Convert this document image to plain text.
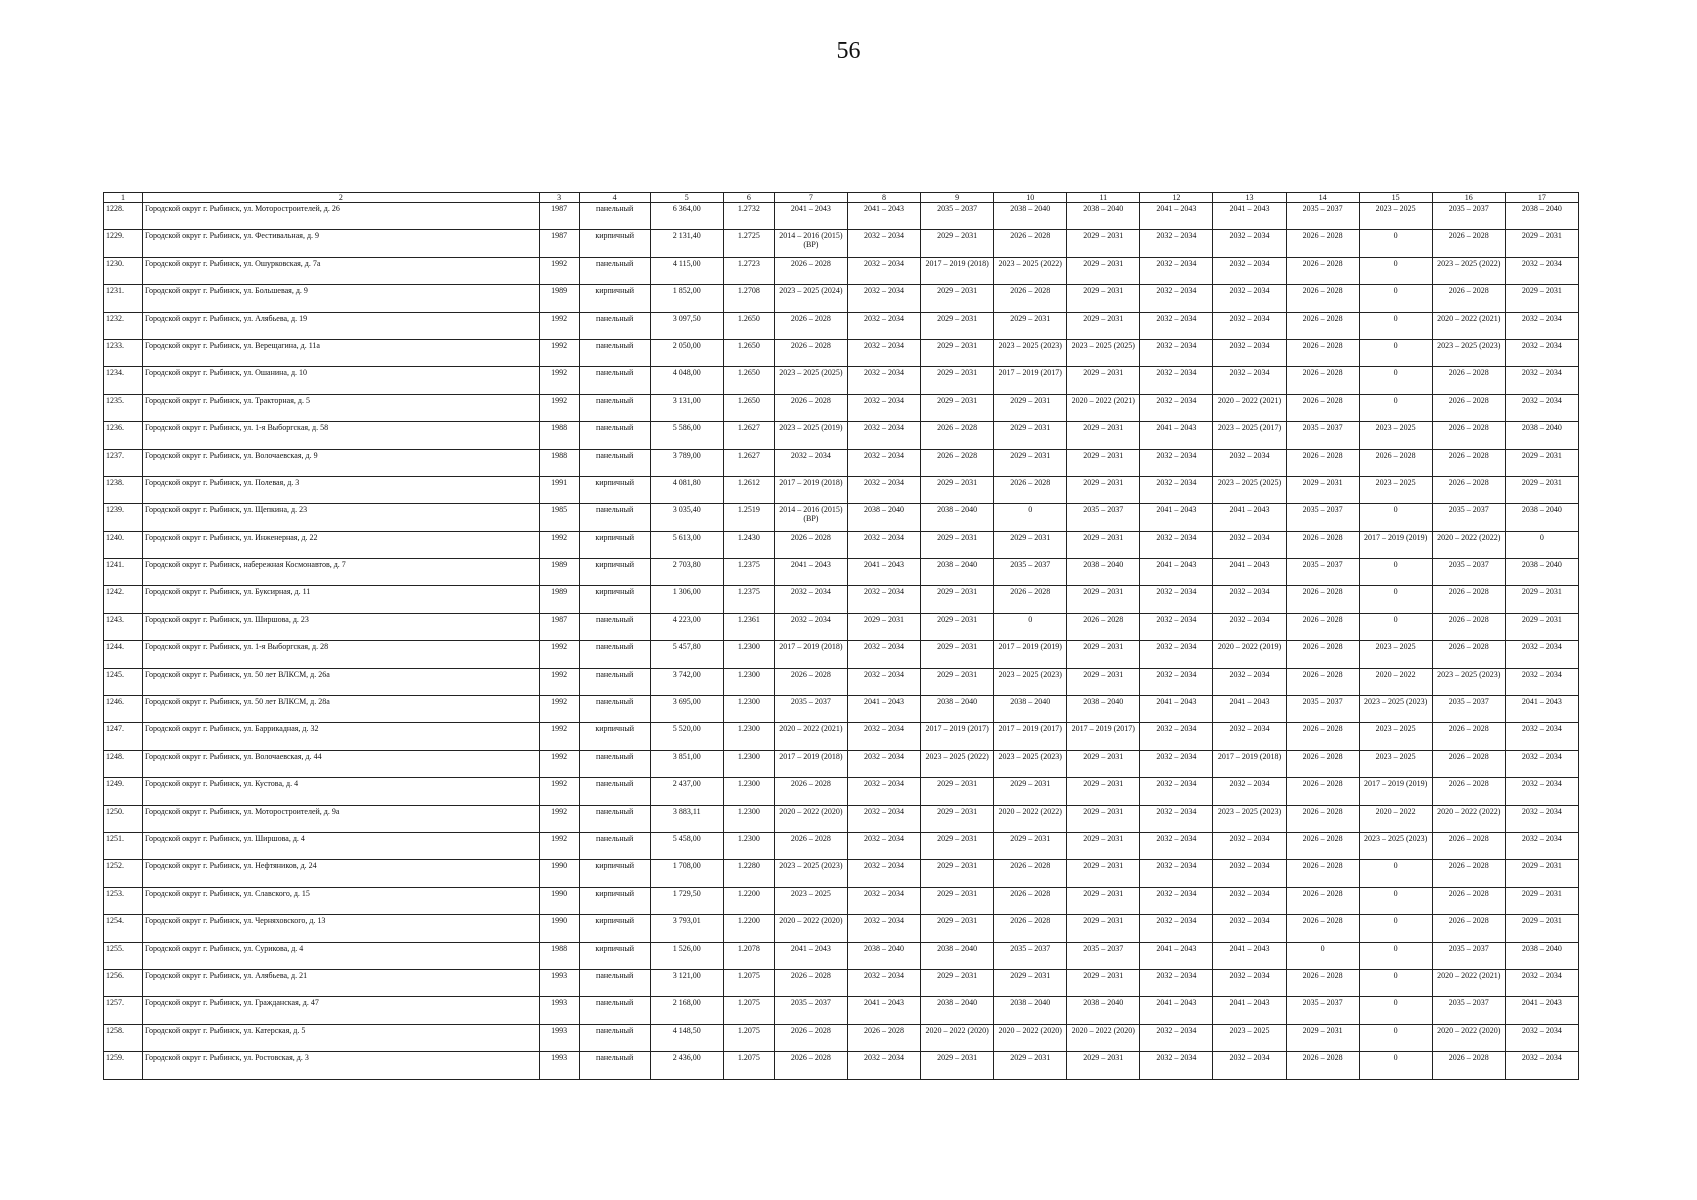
56
1	2	3	4	5	6	7	8	9	10	11	12	13	14	15	16	17
1228.	Городской округ г. Рыбинск, ул. Моторостроителей, д. 26	1987	панельный	6 364,00	1.2732	2041 – 2043	2041 – 2043	2035 – 2037	2038 – 2040	2038 – 2040	2041 – 2043	2041 – 2043	2035 – 2037	2023 – 2025	2035 – 2037	2038 – 2040
1229.	Городской округ г. Рыбинск, ул. Фестивальная, д. 9	1987	кирпичный	2 131,40	1.2725	2014 – 2016 (2015) (ВР)	2032 – 2034	2029 – 2031	2026 – 2028	2029 – 2031	2032 – 2034	2032 – 2034	2026 – 2028	0	2026 – 2028	2029 – 2031
1230.	Городской округ г. Рыбинск, ул. Ошурковская, д. 7а	1992	панельный	4 115,00	1.2723	2026 – 2028	2032 – 2034	2017 – 2019 (2018)	2023 – 2025 (2022)	2029 – 2031	2032 – 2034	2032 – 2034	2026 – 2028	0	2023 – 2025 (2022)	2032 – 2034
1231.	Городской округ г. Рыбинск, ул. Большевая, д. 9	1989	кирпичный	1 852,00	1.2708	2023 – 2025 (2024)	2032 – 2034	2029 – 2031	2026 – 2028	2029 – 2031	2032 – 2034	2032 – 2034	2026 – 2028	0	2026 – 2028	2029 – 2031
1232.	Городской округ г. Рыбинск, ул. Алябьева, д. 19	1992	панельный	3 097,50	1.2650	2026 – 2028	2032 – 2034	2029 – 2031	2029 – 2031	2029 – 2031	2032 – 2034	2032 – 2034	2026 – 2028	0	2020 – 2022 (2021)	2032 – 2034
1233.	Городской округ г. Рыбинск, ул. Верещагина, д. 11а	1992	панельный	2 050,00	1.2650	2026 – 2028	2032 – 2034	2029 – 2031	2023 – 2025 (2023)	2023 – 2025 (2025)	2032 – 2034	2032 – 2034	2026 – 2028	0	2023 – 2025 (2023)	2032 – 2034
1234.	Городской округ г. Рыбинск, ул. Ошанина, д. 10	1992	панельный	4 048,00	1.2650	2023 – 2025 (2025)	2032 – 2034	2029 – 2031	2017 – 2019 (2017)	2029 – 2031	2032 – 2034	2032 – 2034	2026 – 2028	0	2026 – 2028	2032 – 2034
1235.	Городской округ г. Рыбинск, ул. Тракторная, д. 5	1992	панельный	3 131,00	1.2650	2026 – 2028	2032 – 2034	2029 – 2031	2029 – 2031	2020 – 2022 (2021)	2032 – 2034	2020 – 2022 (2021)	2026 – 2028	0	2026 – 2028	2032 – 2034
1236.	Городской округ г. Рыбинск, ул. 1-я Выборгская, д. 58	1988	панельный	5 586,00	1.2627	2023 – 2025 (2019)	2032 – 2034	2026 – 2028	2029 – 2031	2029 – 2031	2041 – 2043	2023 – 2025 (2017)	2035 – 2037	2023 – 2025	2026 – 2028	2038 – 2040
1237.	Городской округ г. Рыбинск, ул. Волочаевская, д. 9	1988	панельный	3 789,00	1.2627	2032 – 2034	2032 – 2034	2026 – 2028	2029 – 2031	2029 – 2031	2032 – 2034	2032 – 2034	2026 – 2028	2026 – 2028	2026 – 2028	2029 – 2031
1238.	Городской округ г. Рыбинск, ул. Полевая, д. 3	1991	кирпичный	4 081,80	1.2612	2017 – 2019 (2018)	2032 – 2034	2029 – 2031	2026 – 2028	2029 – 2031	2032 – 2034	2023 – 2025 (2025)	2029 – 2031	2023 – 2025	2026 – 2028	2029 – 2031
1239.	Городской округ г. Рыбинск, ул. Щепкина, д. 23	1985	панельный	3 035,40	1.2519	2014 – 2016 (2015) (ВР)	2038 – 2040	2038 – 2040	0	2035 – 2037	2041 – 2043	2041 – 2043	2035 – 2037	0	2035 – 2037	2038 – 2040
1240.	Городской округ г. Рыбинск, ул. Инженерная, д. 22	1992	кирпичный	5 613,00	1.2430	2026 – 2028	2032 – 2034	2029 – 2031	2029 – 2031	2029 – 2031	2032 – 2034	2032 – 2034	2026 – 2028	2017 – 2019 (2019)	2020 – 2022 (2022)	0
1241.	Городской округ г. Рыбинск, набережная Космонавтов, д. 7	1989	кирпичный	2 703,80	1.2375	2041 – 2043	2041 – 2043	2038 – 2040	2035 – 2037	2038 – 2040	2041 – 2043	2041 – 2043	2035 – 2037	0	2035 – 2037	2038 – 2040
1242.	Городской округ г. Рыбинск, ул. Буксирная, д. 11	1989	кирпичный	1 306,00	1.2375	2032 – 2034	2032 – 2034	2029 – 2031	2026 – 2028	2029 – 2031	2032 – 2034	2032 – 2034	2026 – 2028	0	2026 – 2028	2029 – 2031
1243.	Городской округ г. Рыбинск, ул. Ширшова, д. 23	1987	панельный	4 223,00	1.2361	2032 – 2034	2029 – 2031	2029 – 2031	0	2026 – 2028	2032 – 2034	2032 – 2034	2026 – 2028	0	2026 – 2028	2029 – 2031
1244.	Городской округ г. Рыбинск, ул. 1-я Выборгская, д. 28	1992	панельный	5 457,80	1.2300	2017 – 2019 (2018)	2032 – 2034	2029 – 2031	2017 – 2019 (2019)	2029 – 2031	2032 – 2034	2020 – 2022 (2019)	2026 – 2028	2023 – 2025	2026 – 2028	2032 – 2034
1245.	Городской округ г. Рыбинск, ул. 50 лет ВЛКСМ, д. 26а	1992	панельный	3 742,00	1.2300	2026 – 2028	2032 – 2034	2029 – 2031	2023 – 2025 (2023)	2029 – 2031	2032 – 2034	2032 – 2034	2026 – 2028	2020 – 2022	2023 – 2025 (2023)	2032 – 2034
1246.	Городской округ г. Рыбинск, ул. 50 лет ВЛКСМ, д. 28а	1992	панельный	3 695,00	1.2300	2035 – 2037	2041 – 2043	2038 – 2040	2038 – 2040	2038 – 2040	2041 – 2043	2041 – 2043	2035 – 2037	2023 – 2025 (2023)	2035 – 2037	2041 – 2043
1247.	Городской округ г. Рыбинск, ул. Баррикадная, д. 32	1992	кирпичный	5 520,00	1.2300	2020 – 2022 (2021)	2032 – 2034	2017 – 2019 (2017)	2017 – 2019 (2017)	2017 – 2019 (2017)	2032 – 2034	2032 – 2034	2026 – 2028	2023 – 2025	2026 – 2028	2032 – 2034
1248.	Городской округ г. Рыбинск, ул. Волочаевская, д. 44	1992	панельный	3 851,00	1.2300	2017 – 2019 (2018)	2032 – 2034	2023 – 2025 (2022)	2023 – 2025 (2023)	2029 – 2031	2032 – 2034	2017 – 2019 (2018)	2026 – 2028	2023 – 2025	2026 – 2028	2032 – 2034
1249.	Городской округ г. Рыбинск, ул. Кустова, д. 4	1992	панельный	2 437,00	1.2300	2026 – 2028	2032 – 2034	2029 – 2031	2029 – 2031	2029 – 2031	2032 – 2034	2032 – 2034	2026 – 2028	2017 – 2019 (2019)	2026 – 2028	2032 – 2034
1250.	Городской округ г. Рыбинск, ул. Моторостроителей, д. 9а	1992	панельный	3 883,11	1.2300	2020 – 2022 (2020)	2032 – 2034	2029 – 2031	2020 – 2022 (2022)	2029 – 2031	2032 – 2034	2023 – 2025 (2023)	2026 – 2028	2020 – 2022	2020 – 2022 (2022)	2032 – 2034
1251.	Городской округ г. Рыбинск, ул. Ширшова, д. 4	1992	панельный	5 458,00	1.2300	2026 – 2028	2032 – 2034	2029 – 2031	2029 – 2031	2029 – 2031	2032 – 2034	2032 – 2034	2026 – 2028	2023 – 2025 (2023)	2026 – 2028	2032 – 2034
1252.	Городской округ г. Рыбинск, ул. Нефтяников, д. 24	1990	кирпичный	1 708,00	1.2280	2023 – 2025 (2023)	2032 – 2034	2029 – 2031	2026 – 2028	2029 – 2031	2032 – 2034	2032 – 2034	2026 – 2028	0	2026 – 2028	2029 – 2031
1253.	Городской округ г. Рыбинск, ул. Славского, д. 15	1990	кирпичный	1 729,50	1.2200	2023 – 2025	2032 – 2034	2029 – 2031	2026 – 2028	2029 – 2031	2032 – 2034	2032 – 2034	2026 – 2028	0	2026 – 2028	2029 – 2031
1254.	Городской округ г. Рыбинск, ул. Черняховского, д. 13	1990	кирпичный	3 793,01	1.2200	2020 – 2022 (2020)	2032 – 2034	2029 – 2031	2026 – 2028	2029 – 2031	2032 – 2034	2032 – 2034	2026 – 2028	0	2026 – 2028	2029 – 2031
1255.	Городской округ г. Рыбинск, ул. Сурикова, д. 4	1988	кирпичный	1 526,00	1.2078	2041 – 2043	2038 – 2040	2038 – 2040	2035 – 2037	2035 – 2037	2041 – 2043	2041 – 2043	0	0	2035 – 2037	2038 – 2040
1256.	Городской округ г. Рыбинск, ул. Алябьева, д. 21	1993	панельный	3 121,00	1.2075	2026 – 2028	2032 – 2034	2029 – 2031	2029 – 2031	2029 – 2031	2032 – 2034	2032 – 2034	2026 – 2028	0	2020 – 2022 (2021)	2032 – 2034
1257.	Городской округ г. Рыбинск, ул. Гражданская, д. 47	1993	панельный	2 168,00	1.2075	2035 – 2037	2041 – 2043	2038 – 2040	2038 – 2040	2038 – 2040	2041 – 2043	2041 – 2043	2035 – 2037	0	2035 – 2037	2041 – 2043
1258.	Городской округ г. Рыбинск, ул. Катерская, д. 5	1993	панельный	4 148,50	1.2075	2026 – 2028	2026 – 2028	2020 – 2022 (2020)	2020 – 2022 (2020)	2020 – 2022 (2020)	2032 – 2034	2023 – 2025	2029 – 2031	0	2020 – 2022 (2020)	2032 – 2034
1259.	Городской округ г. Рыбинск, ул. Ростовская, д. 3	1993	панельный	2 436,00	1.2075	2026 – 2028	2032 – 2034	2029 – 2031	2029 – 2031	2029 – 2031	2032 – 2034	2032 – 2034	2026 – 2028	0	2026 – 2028	2032 – 2034
